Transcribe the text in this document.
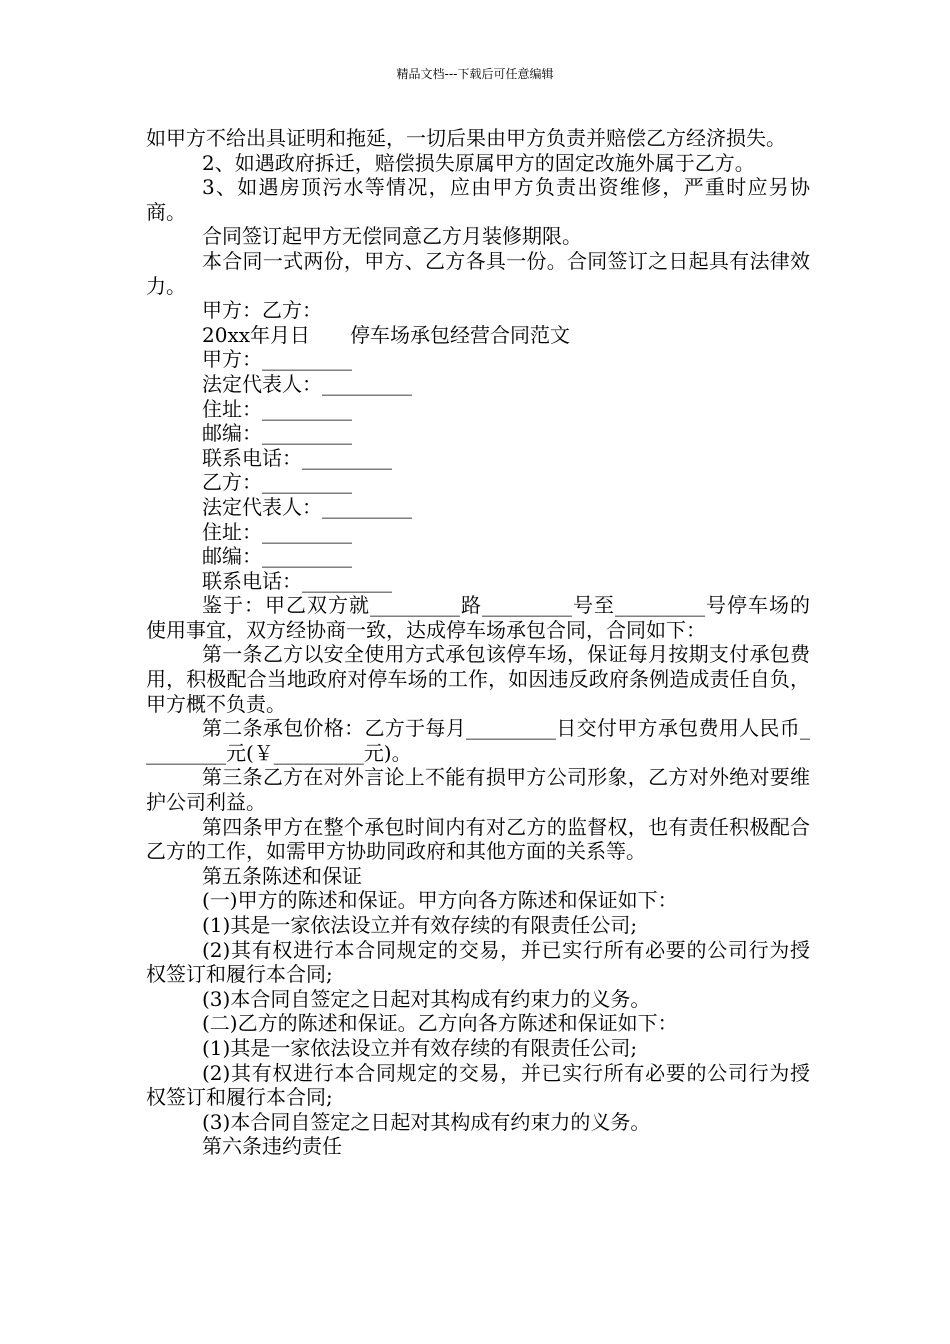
精品文档---下载后可任意编辑

如甲方不给出具证明和拖延，一切后果由甲方负责并赔偿乙方经济损失。

2、如遇政府拆迁，赔偿损失原属甲方的固定改施外属于乙方。

3、如遇房顶污水等情况，应由甲方负责出资维修，严重时应另协商。

合同签订起甲方无偿同意乙方月装修期限。

本合同一式两份，甲方、乙方各具一份。合同签订之日起具有法律效力。

甲方：乙方：

20xx年月日　　停车场承包经营合同范文

甲方：_________

法定代表人：_________

住址：_________

邮编：_________

联系电话：_________

乙方：_________

法定代表人：_________

住址：_________

邮编：_________

联系电话：_________

鉴于：甲乙双方就_________路_________号至_________号停车场的使用事宜，双方经协商一致，达成停车场承包合同，合同如下：

第一条乙方以安全使用方式承包该停车场，保证每月按期支付承包费用，积极配合当地政府对停车场的工作，如因违反政府条例造成责任自负，甲方概不负责。

第二条承包价格：乙方于每月_________日交付甲方承包费用人民币_________元(￥_________元)。

第三条乙方在对外言论上不能有损甲方公司形象，乙方对外绝对要维护公司利益。

第四条甲方在整个承包时间内有对乙方的监督权，也有责任积极配合乙方的工作，如需甲方协助同政府和其他方面的关系等。

第五条陈述和保证

(一)甲方的陈述和保证。甲方向各方陈述和保证如下：

(1)其是一家依法设立并有效存续的有限责任公司;

(2)其有权进行本合同规定的交易，并已实行所有必要的公司行为授权签订和履行本合同;

(3)本合同自签定之日起对其构成有约束力的义务。

(二)乙方的陈述和保证。乙方向各方陈述和保证如下：

(1)其是一家依法设立并有效存续的有限责任公司;

(2)其有权进行本合同规定的交易，并已实行所有必要的公司行为授权签订和履行本合同;

(3)本合同自签定之日起对其构成有约束力的义务。

第六条违约责任
